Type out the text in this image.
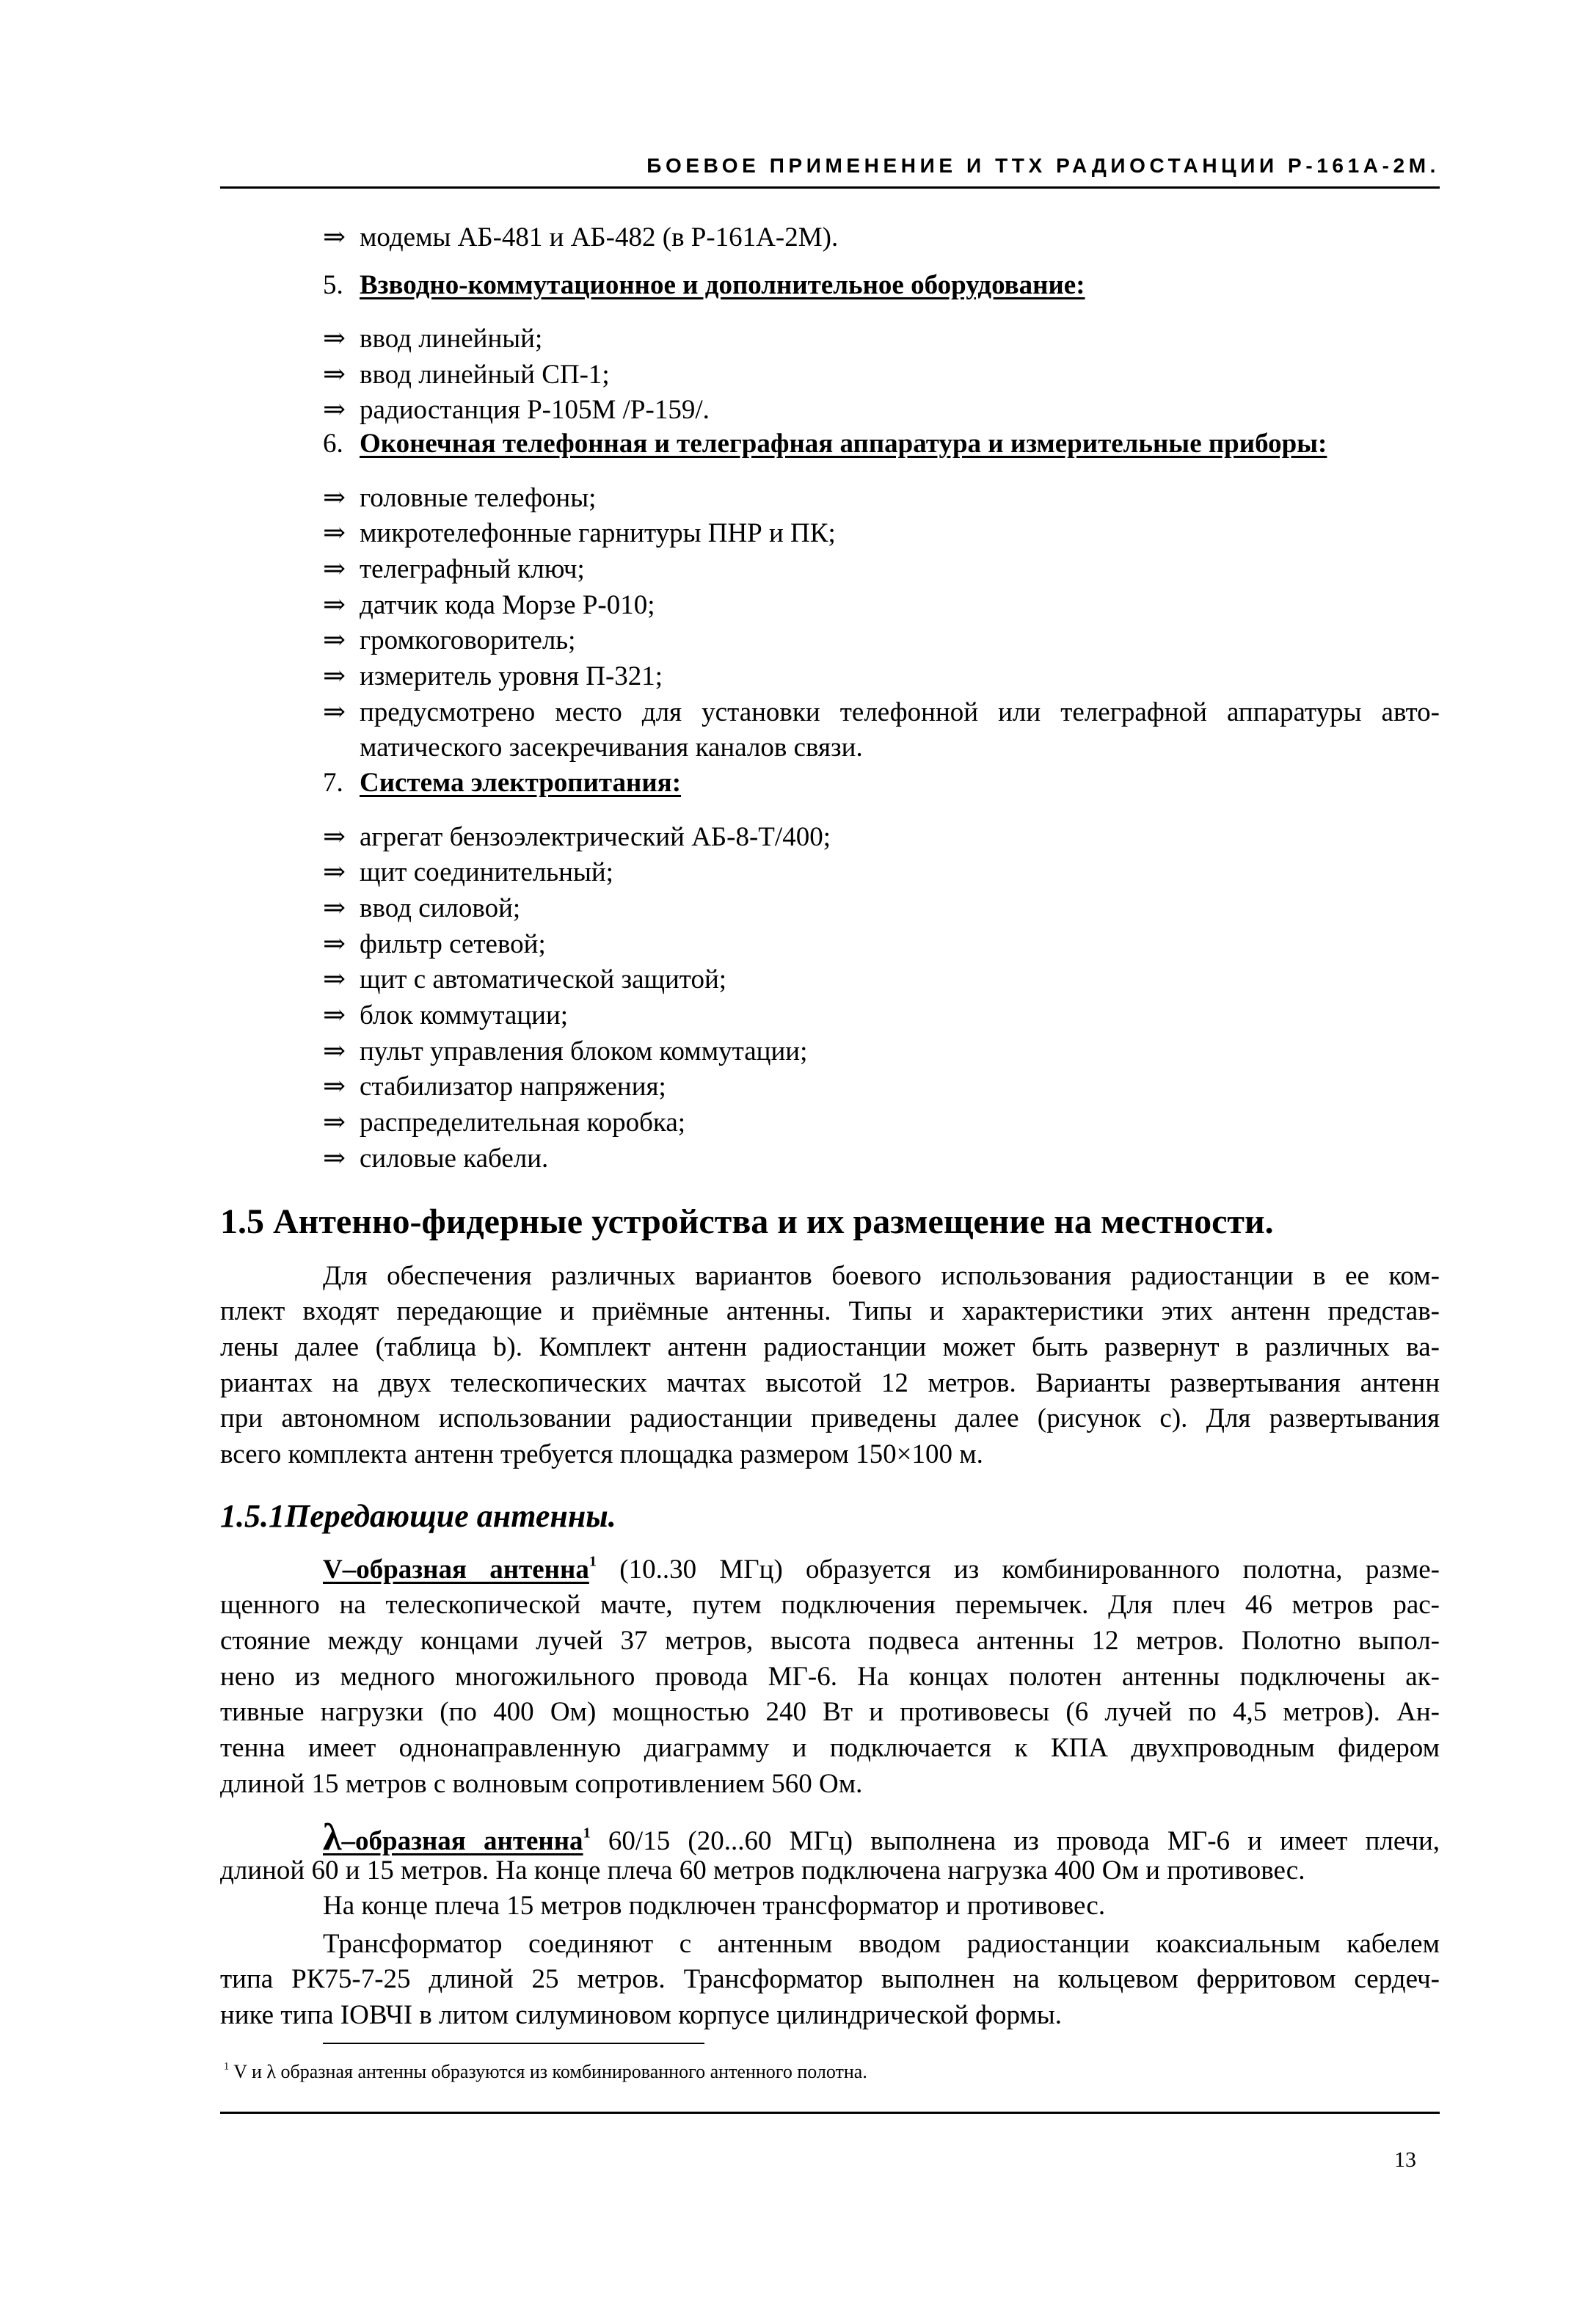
БОЕВОЕ ПРИМЕНЕНИЕ И ТТХ РАДИОСТАНЦИИ Р-161А-2М.
⇒ модемы АБ-481 и АБ-482 (в Р-161А-2М).
5. Взводно-коммутационное и дополнительное оборудование:
⇒ ввод линейный;
⇒ ввод линейный СП-1;
⇒ радиостанция Р-105М /Р-159/.
6. Оконечная телефонная и телеграфная аппаратура и измерительные приборы:
⇒ головные телефоны;
⇒ микротелефонные гарнитуры ПНР и ПК;
⇒ телеграфный ключ;
⇒ датчик кода Морзе Р-010;
⇒ громкоговоритель;
⇒ измеритель уровня П-321;
⇒ предусмотрено место для установки телефонной или телеграфной аппаратуры авто-
матического засекречивания каналов связи.
7. Система электропитания:
⇒ агрегат бензоэлектрический АБ-8-Т/400;
⇒ щит соединительный;
⇒ ввод силовой;
⇒ фильтр сетевой;
⇒ щит с автоматической защитой;
⇒ блок коммутации;
⇒ пульт управления блоком коммутации;
⇒ стабилизатор напряжения;
⇒ распределительная коробка;
⇒ силовые кабели.
1.5 Антенно-фидерные устройства и их размещение на местности.
Для обеспечения различных вариантов боевого использования радиостанции в ее ком-
плект входят передающие и приёмные антенны. Типы и характеристики этих антенн представ-
лены далее (таблица b). Комплект антенн радиостанции может быть развернут в различных ва-
риантах на двух телескопических мачтах высотой 12 метров. Варианты развертывания антенн
при автономном использовании радиостанции приведены далее (рисунок с). Для развертывания
всего комплекта антенн требуется площадка размером 150×100 м.
1.5.1Передающие антенны.
V–образная антенна$^1$ (10..30 МГц) образуется из комбинированного полотна, разме-
щенного на телескопической мачте, путем подключения перемычек. Для плеч 46 метров рас-
стояние между концами лучей 37 метров, высота подвеса антенны 12 метров. Полотно выпол-
нено из медного многожильного провода МГ-6. На концах полотен антенны подключены ак-
тивные нагрузки (по 400 Ом) мощностью 240 Вт и противовесы (6 лучей по 4,5 метров). Ан-
тенна имеет однонаправленную диаграмму и подключается к КПА двухпроводным фидером
длиной 15 метров с волновым сопротивлением 560 Ом.
λ–образная антенна$^1$ 60/15 (20...60 МГц) выполнена из провода МГ-6 и имеет плечи,
длиной 60 и 15 метров. На конце плеча 60 метров подключена нагрузка 400 Ом и противовес.
На конце плеча 15 метров подключен трансформатор и противовес.
Трансформатор соединяют с антенным вводом радиостанции коаксиальным кабелем
типа РК75-7-25 длиной 25 метров. Трансформатор выполнен на кольцевом ферритовом сердеч-
нике типа IОВЧI в литом силуминовом корпусе цилиндрической формы.
$^1$ V и λ образная антенны образуются из комбинированного антенного полотна.
13
